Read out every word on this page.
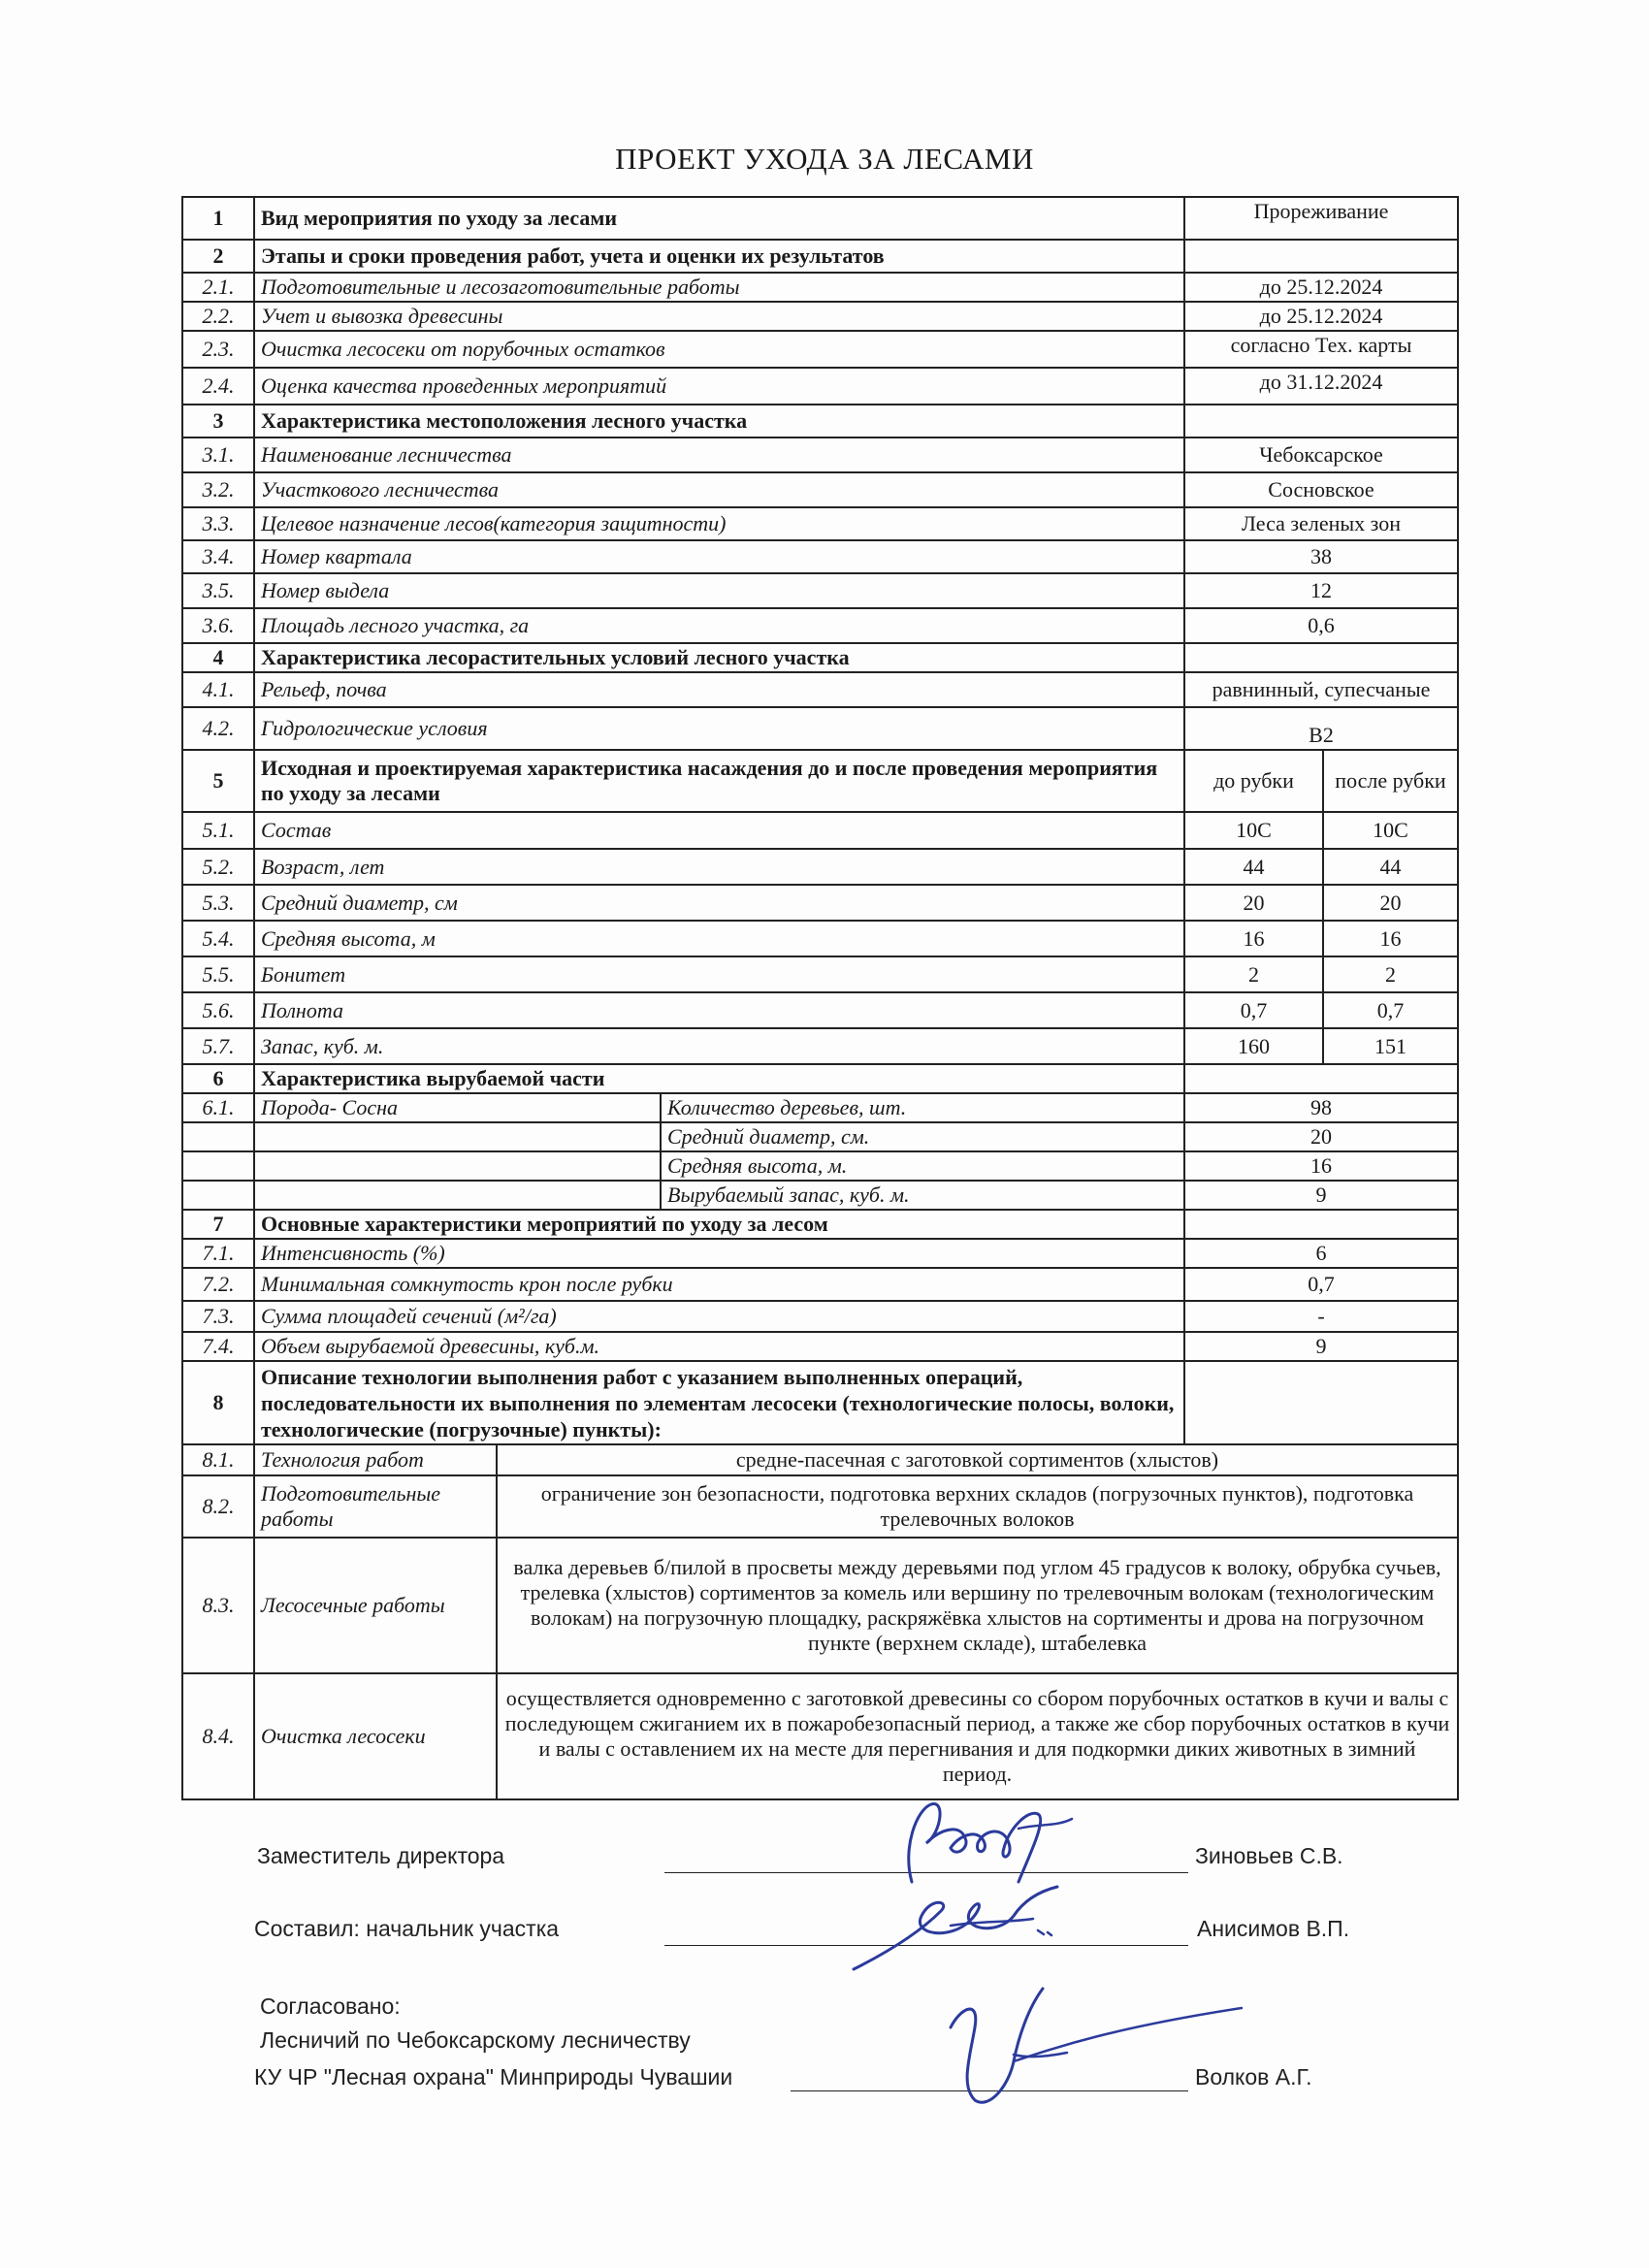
ПРОЕКТ УХОДА ЗА ЛЕСАМИ
1	Вид мероприятия по уходу за лесами			Прореживание	
2	Этапы и сроки проведения работ, учета и оценки их результатов				
2.1.	Подготовительные и лесозаготовительные работы			до 25.12.2024	
2.2.	Учет и вывозка древесины			до 25.12.2024	
2.3.	Очистка лесосеки от порубочных остатков			согласно Тех. карты	
2.4.	Оценка качества проведенных мероприятий			до 31.12.2024	
3	Характеристика местоположения лесного участка				
3.1.	Наименование лесничества			Чебоксарское	
3.2.	Участкового лесничества			Сосновское	
3.3.	Целевое назначение лесов(категория защитности)			Леса зеленых зон	
3.4.	Номер квартала			38	
3.5.	Номер выдела			12	
3.6.	Площадь лесного участка, га			0,6	
4	Характеристика лесорастительных условий лесного участка				
4.1.	Рельеф, почва			равнинный, супесчаные	
4.2.	Гидрологические условия			В2	
5	Исходная и проектируемая характеристика насаждения до и после проведения мероприятия по уходу за лесами			до рубки	после рубки
5.1.	Состав			10С	10С
5.2.	Возраст, лет			44	44
5.3.	Средний диаметр, см			20	20
5.4.	Средняя высота, м			16	16
5.5.	Бонитет			2	2
5.6.	Полнота			0,7	0,7
5.7.	Запас, куб. м.			160	151
6	Характеристика вырубаемой части				
6.1.	Порода- Сосна		Количество деревьев, шт.	98	
			Средний диаметр, см.	20	
			Средняя высота, м.	16	
			Вырубаемый запас, куб. м.	9	
7	Основные характеристики мероприятий по уходу за лесом				
7.1.	Интенсивность (%)			6	
7.2.	Минимальная сомкнутость крон после рубки			0,7	
7.3.	Сумма площадей сечений (м²/га)			-	
7.4.	Объем вырубаемой древесины, куб.м.			9	
8	Описание технологии выполнения работ с указанием выполненных операций, последовательности их выполнения по элементам лесосеки (технологические полосы, волоки, технологические (погрузочные) пункты):				
8.1.	Технология работ	средне-пасечная с заготовкой сортиментов (хлыстов)			
8.2.	Подготовительные работы	ограничение зон безопасности, подготовка верхних складов (погрузочных пунктов), подготовка трелевочных волоков			
8.3.	Лесосечные работы	валка деревьев б/пилой в просветы между деревьями под углом 45 градусов к волоку, обрубка сучьев, трелевка (хлыстов) сортиментов за комель или вершину по трелевочным волокам (технологическим волокам) на погрузочную площадку, раскряжёвка хлыстов на сортименты и дрова на погрузочном пункте (верхнем складе), штабелевка			
8.4.	Очистка лесосеки	осуществляется одновременно с заготовкой древесины со сбором порубочных остатков в кучи и валы с последующем сжиганием их в пожаробезопасный период, а также же сбор порубочных остатков в кучи и валы с оставлением их на месте для перегнивания и для подкормки диких животных в зимний период.			
Заместитель директора	Зиновьев С.В.
Составил: начальник участка	Анисимов В.П.
Согласовано:
Лесничий по Чебоксарскому лесничеству
КУ ЧР "Лесная охрана" Минприроды Чувашии	Волков А.Г.
